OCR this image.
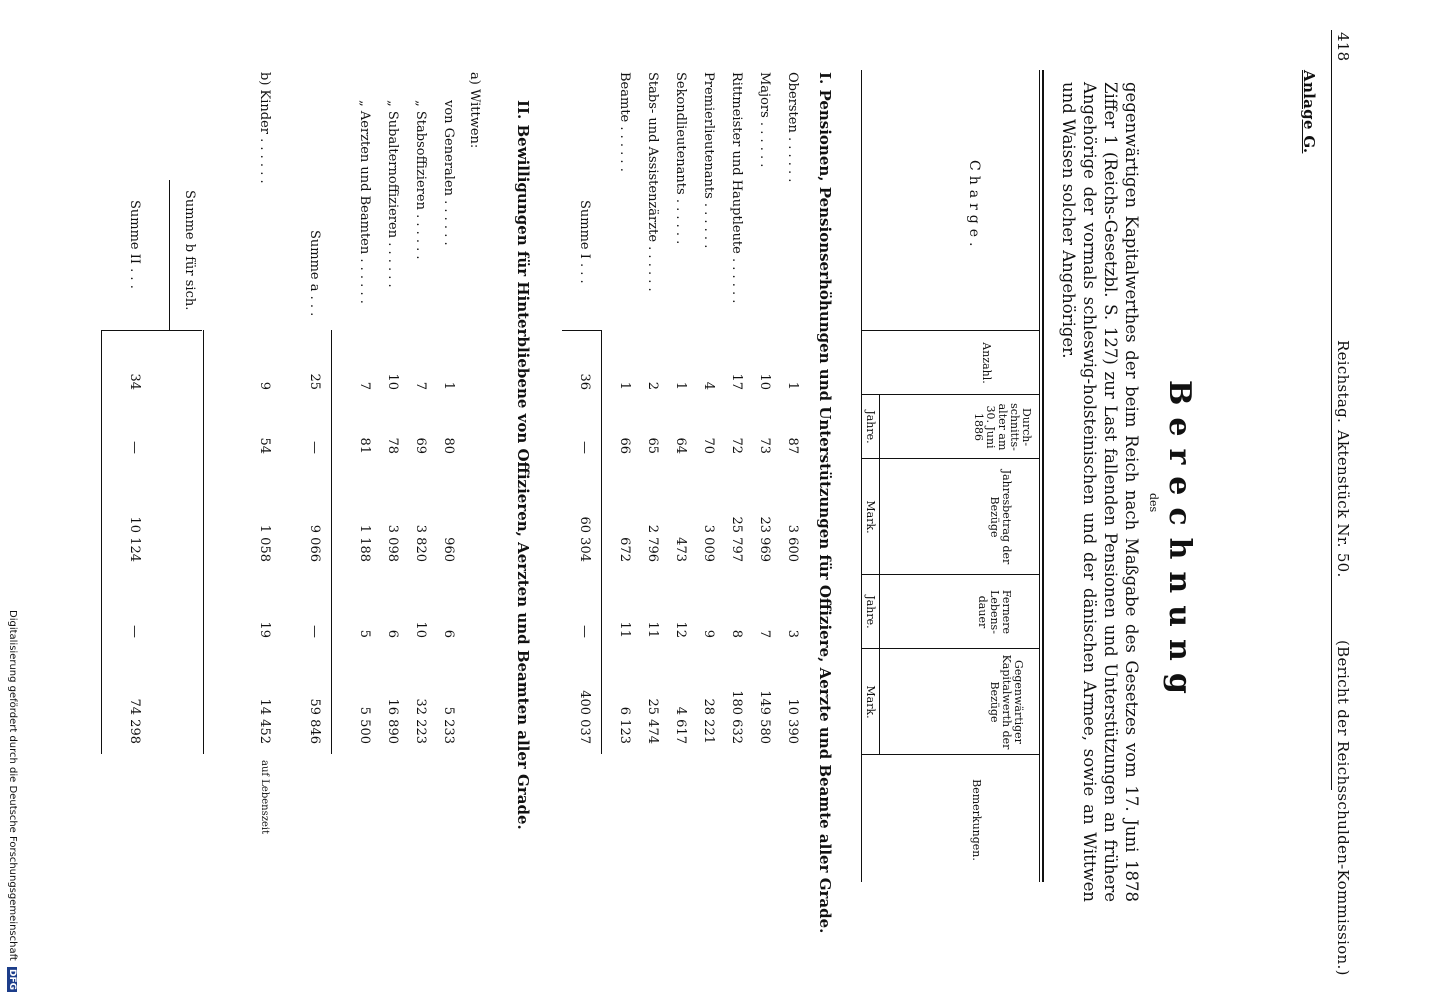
418
Reichstag.
Aktenstück Nr. 50.
(Bericht der Reichsschulden-Kommission.)
Anlage G.
Berechnung
des
gegenwärtigen Kapitalwerthes der beim Reich nach Maßgabe des Gesetzes vom 17. Juni 1878 Ziffer 1 (Reichs-Gesetzbl. S. 127) zur Last fallenden Pensionen und Unterstützungen an frühere Angehörige der vormals schleswig-holsteinischen und der dänischen Armee, sowie an Wittwen und Waisen solcher Angehöriger.
Charge.
Anzahl.
Durch-schnitts-alter am 30. Juni 1886
Jahresbetrag der Bezüge
Fernere Lebens-dauer
Gegenwärtiger Kapitalwerth der Bezüge
Bemerkungen.
Jahre.
Mark.
Jahre.
Mark.
I. Pensionen, Pensionserhöhungen und Unterstützungen für Offiziere, Aerzte und Beamte aller Grade.
Obersten . . . . . .
1
87
3 600
3
10 390
Majors . . . . . .
10
73
23 969
7
149 580
Rittmeister und Hauptleute . . . . . .
17
72
25 797
8
180 632
Premierlieutenants . . . . . .
4
70
3 009
9
28 221
Sekondlieutenants . . . . . .
1
64
473
12
4 617
Stabs- und Assistenzärzte . . . . . .
2
65
2 796
11
25 474
Beamte . . . . . .
1
66
672
11
6 123
Summe I . . .
36
—
60 304
—
400 037
II. Bewilligungen für Hinterbliebene von Offizieren, Aerzten und Beamten aller Grade.
a) Wittwen:
von Generalen . . . . . .
1
80
960
6
5 233
„ Stabsoffizieren . . . . . .
7
69
3 820
10
32 223
„ Subalternoffizieren . . . . . .
10
78
3 098
6
16 890
„ Aerzten und Beamten . . . . . .
7
81
1 188
5
5 500
Summe a . . .
25
—
9 066
—
59 846
b) Kinder . . . . . .
9
54
1 058
19
14 452
auf Lebenszeit
Summe b für sich.
Summe II . . .
34
—
10 124
—
74 298
Digitalisierung gefördert durch die Deutsche Forschungsgemeinschaft DFG
